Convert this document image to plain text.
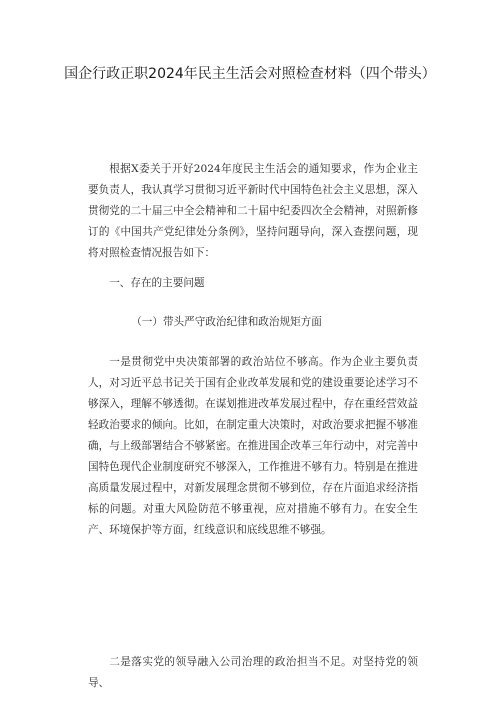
国企行政正职2024年民主生活会对照检查材料（四个带头）

根据X委关于开好2024年度民主生活会的通知要求，作为企业主要负责人，我认真学习贯彻习近平新时代中国特色社会主义思想，深入贯彻党的二十届三中全会精神和二十届中纪委四次全会精神，对照新修订的《中国共产党纪律处分条例》，坚持问题导向，深入查摆问题，现将对照检查情况报告如下：

一、存在的主要问题

（一）带头严守政治纪律和政治规矩方面

一是贯彻党中央决策部署的政治站位不够高。作为企业主要负责人，对习近平总书记关于国有企业改革发展和党的建设重要论述学习不够深入，理解不够透彻。在谋划推进改革发展过程中，存在重经营效益轻政治要求的倾向。比如，在制定重大决策时，对政治要求把握不够准确，与上级部署结合不够紧密。在推进国企改革三年行动中，对完善中国特色现代企业制度研究不够深入，工作推进不够有力。特别是在推进高质量发展过程中，对新发展理念贯彻不够到位，存在片面追求经济指标的问题。对重大风险防范不够重视，应对措施不够有力。在安全生产、环境保护等方面，红线意识和底线思维不够强。

二是落实党的领导融入公司治理的政治担当不足。对坚持党的领导、
